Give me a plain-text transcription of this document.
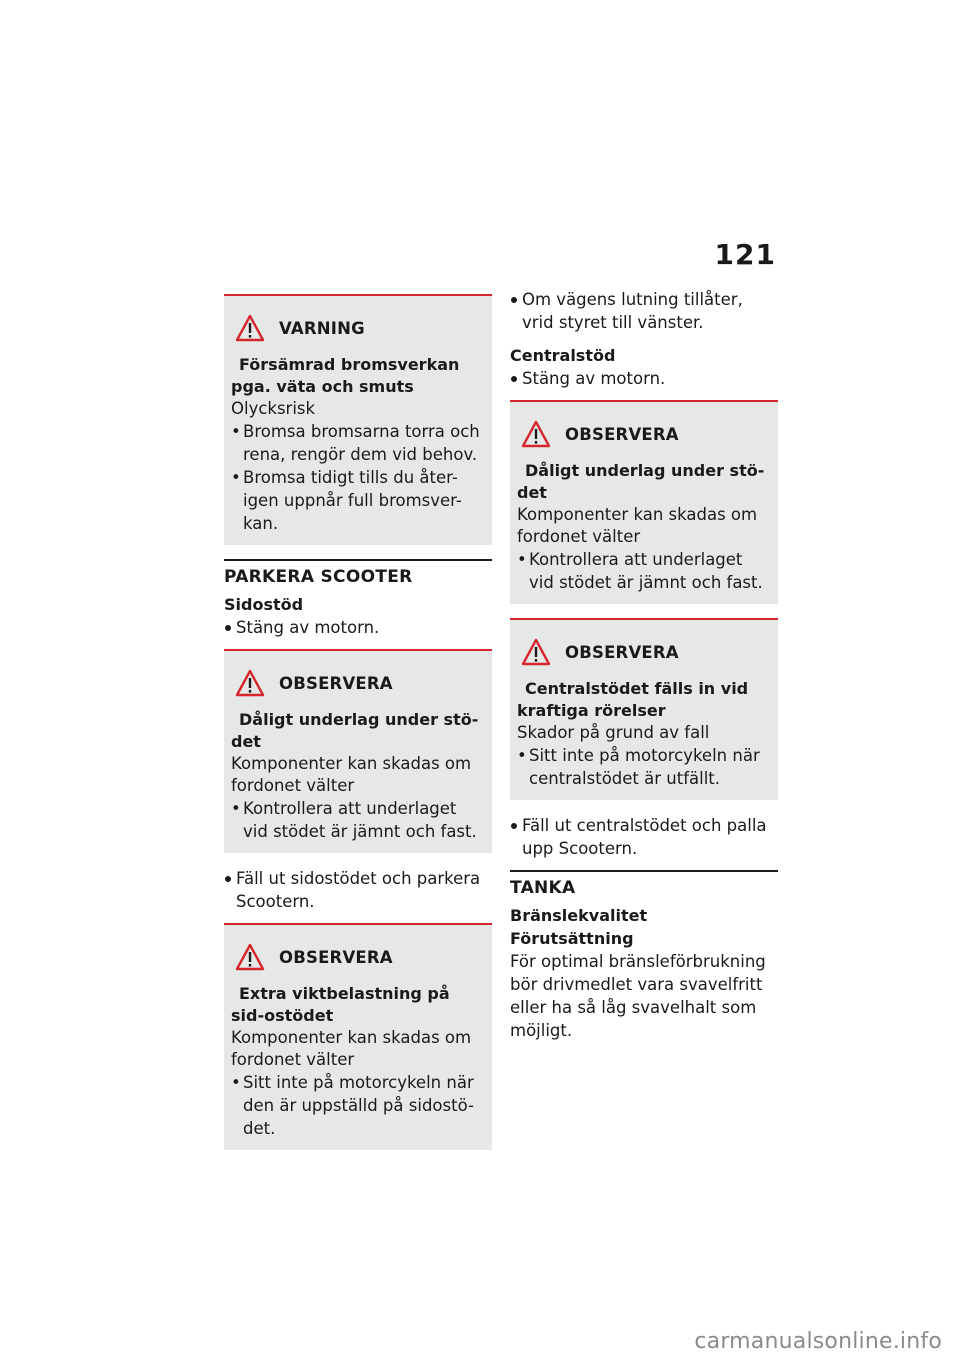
121
VARNING
Försämrad bromsverkan pga. väta och smuts
Olycksrisk
• Bromsa bromsarna torra och rena, rengör dem vid behov.
• Bromsa tidigt tills du åter-igen uppnår full bromsver-kan.
PARKERA SCOOTER
Sidostöd
Stäng av motorn.
OBSERVERA
Dåligt underlag under stö-det
Komponenter kan skadas om fordonet välter
• Kontrollera att underlaget vid stödet är jämnt och fast.
Fäll ut sidostödet och parkera Scootern.
OBSERVERA
Extra viktbelastning på sid-ostödet
Komponenter kan skadas om fordonet välter
• Sitt inte på motorcykeln när den är uppställd på sidostö-det.
Om vägens lutning tillåter, vrid styret till vänster.
Centralstöd
Stäng av motorn.
OBSERVERA
Dåligt underlag under stö-det
Komponenter kan skadas om fordonet välter
• Kontrollera att underlaget vid stödet är jämnt och fast.
OBSERVERA
Centralstödet fälls in vid kraftiga rörelser
Skador på grund av fall
• Sitt inte på motorcykeln när centralstödet är utfällt.
Fäll ut centralstödet och palla upp Scootern.
TANKA
Bränslekvalitet
Förutsättning
För optimal bränsleförbrukning bör drivmedlet vara svavelfritt eller ha så låg svavelhalt som möjligt.
carmanualsonline.info
